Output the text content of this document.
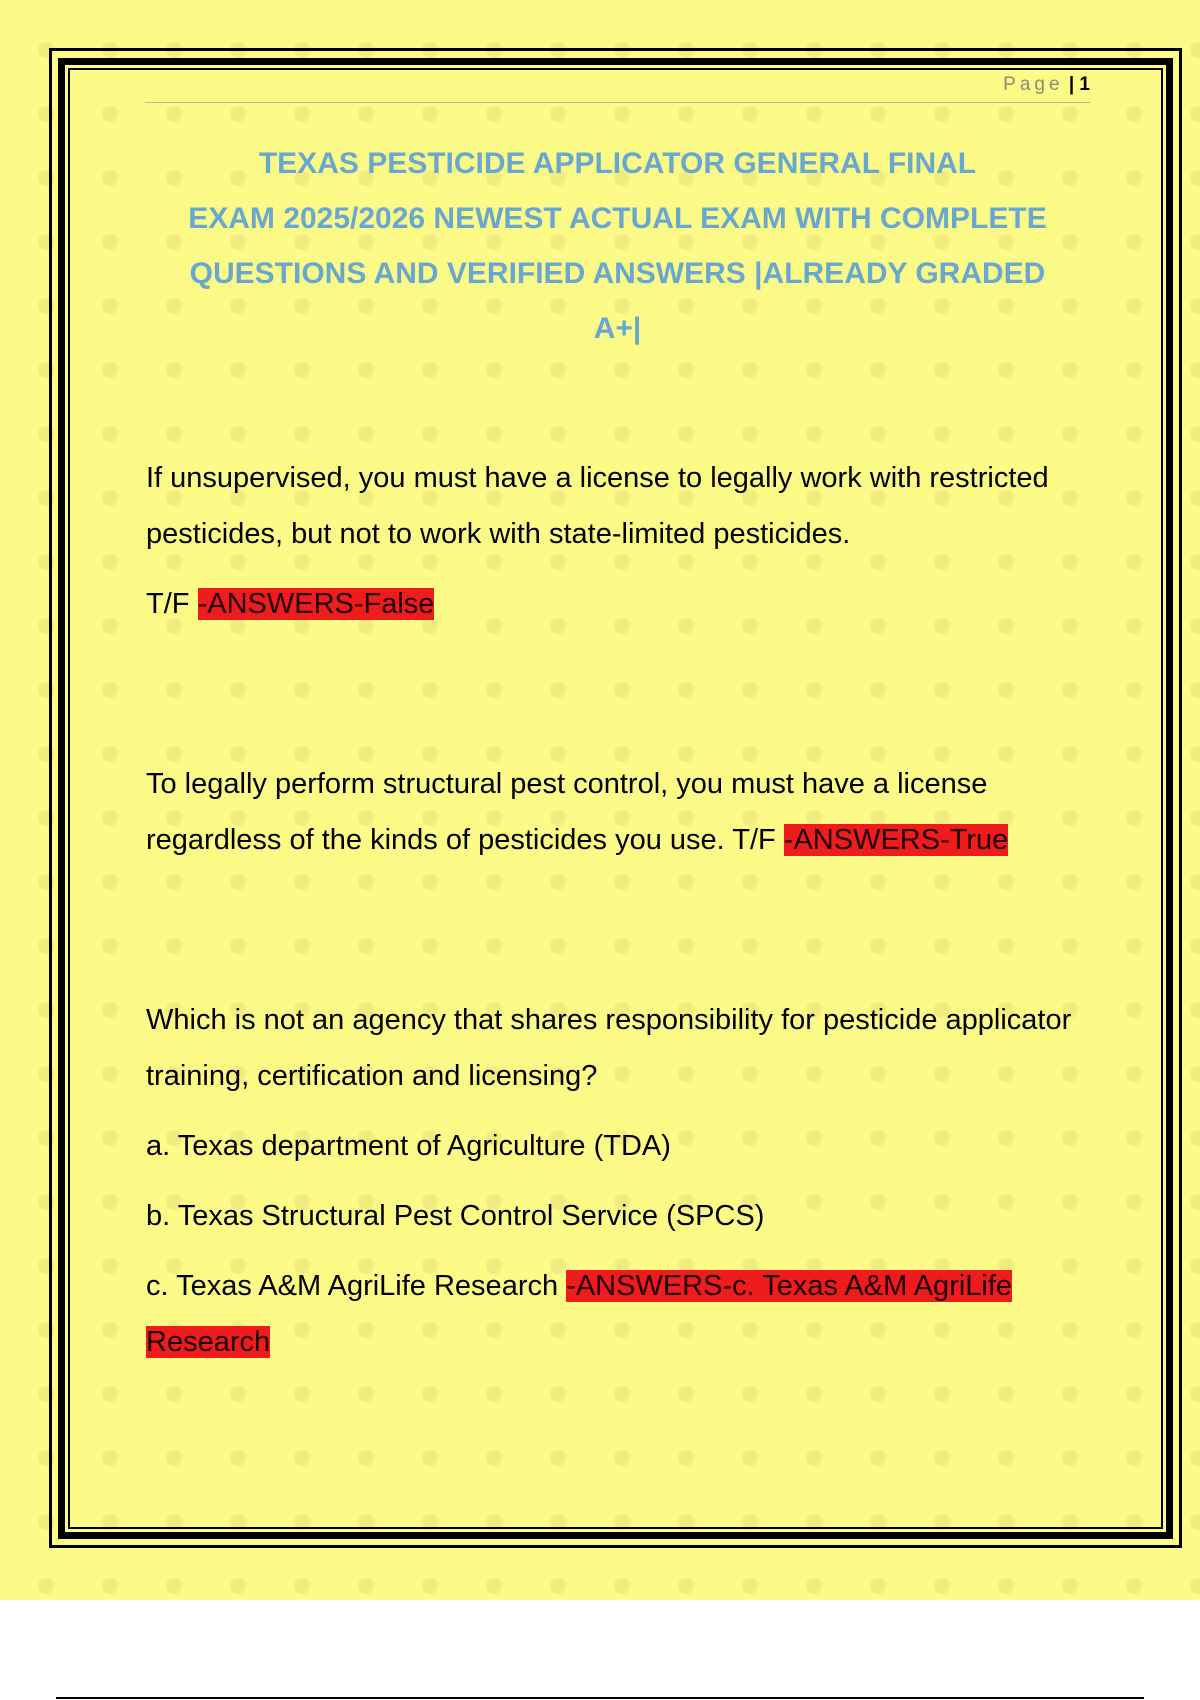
Page | 1
TEXAS PESTICIDE APPLICATOR GENERAL FINAL
EXAM 2025/2026 NEWEST ACTUAL EXAM WITH COMPLETE
QUESTIONS AND VERIFIED ANSWERS |ALREADY GRADED
A+|

If unsupervised, you must have a license to legally work with restricted pesticides, but not to work with state-limited pesticides.

T/F -ANSWERS-False

To legally perform structural pest control, you must have a license regardless of the kinds of pesticides you use. T/F -ANSWERS-True

Which is not an agency that shares responsibility for pesticide applicator training, certification and licensing?

a. Texas department of Agriculture (TDA)

b. Texas Structural Pest Control Service (SPCS)

c. Texas A&M AgriLife Research -ANSWERS-c. Texas A&M AgriLife Research
